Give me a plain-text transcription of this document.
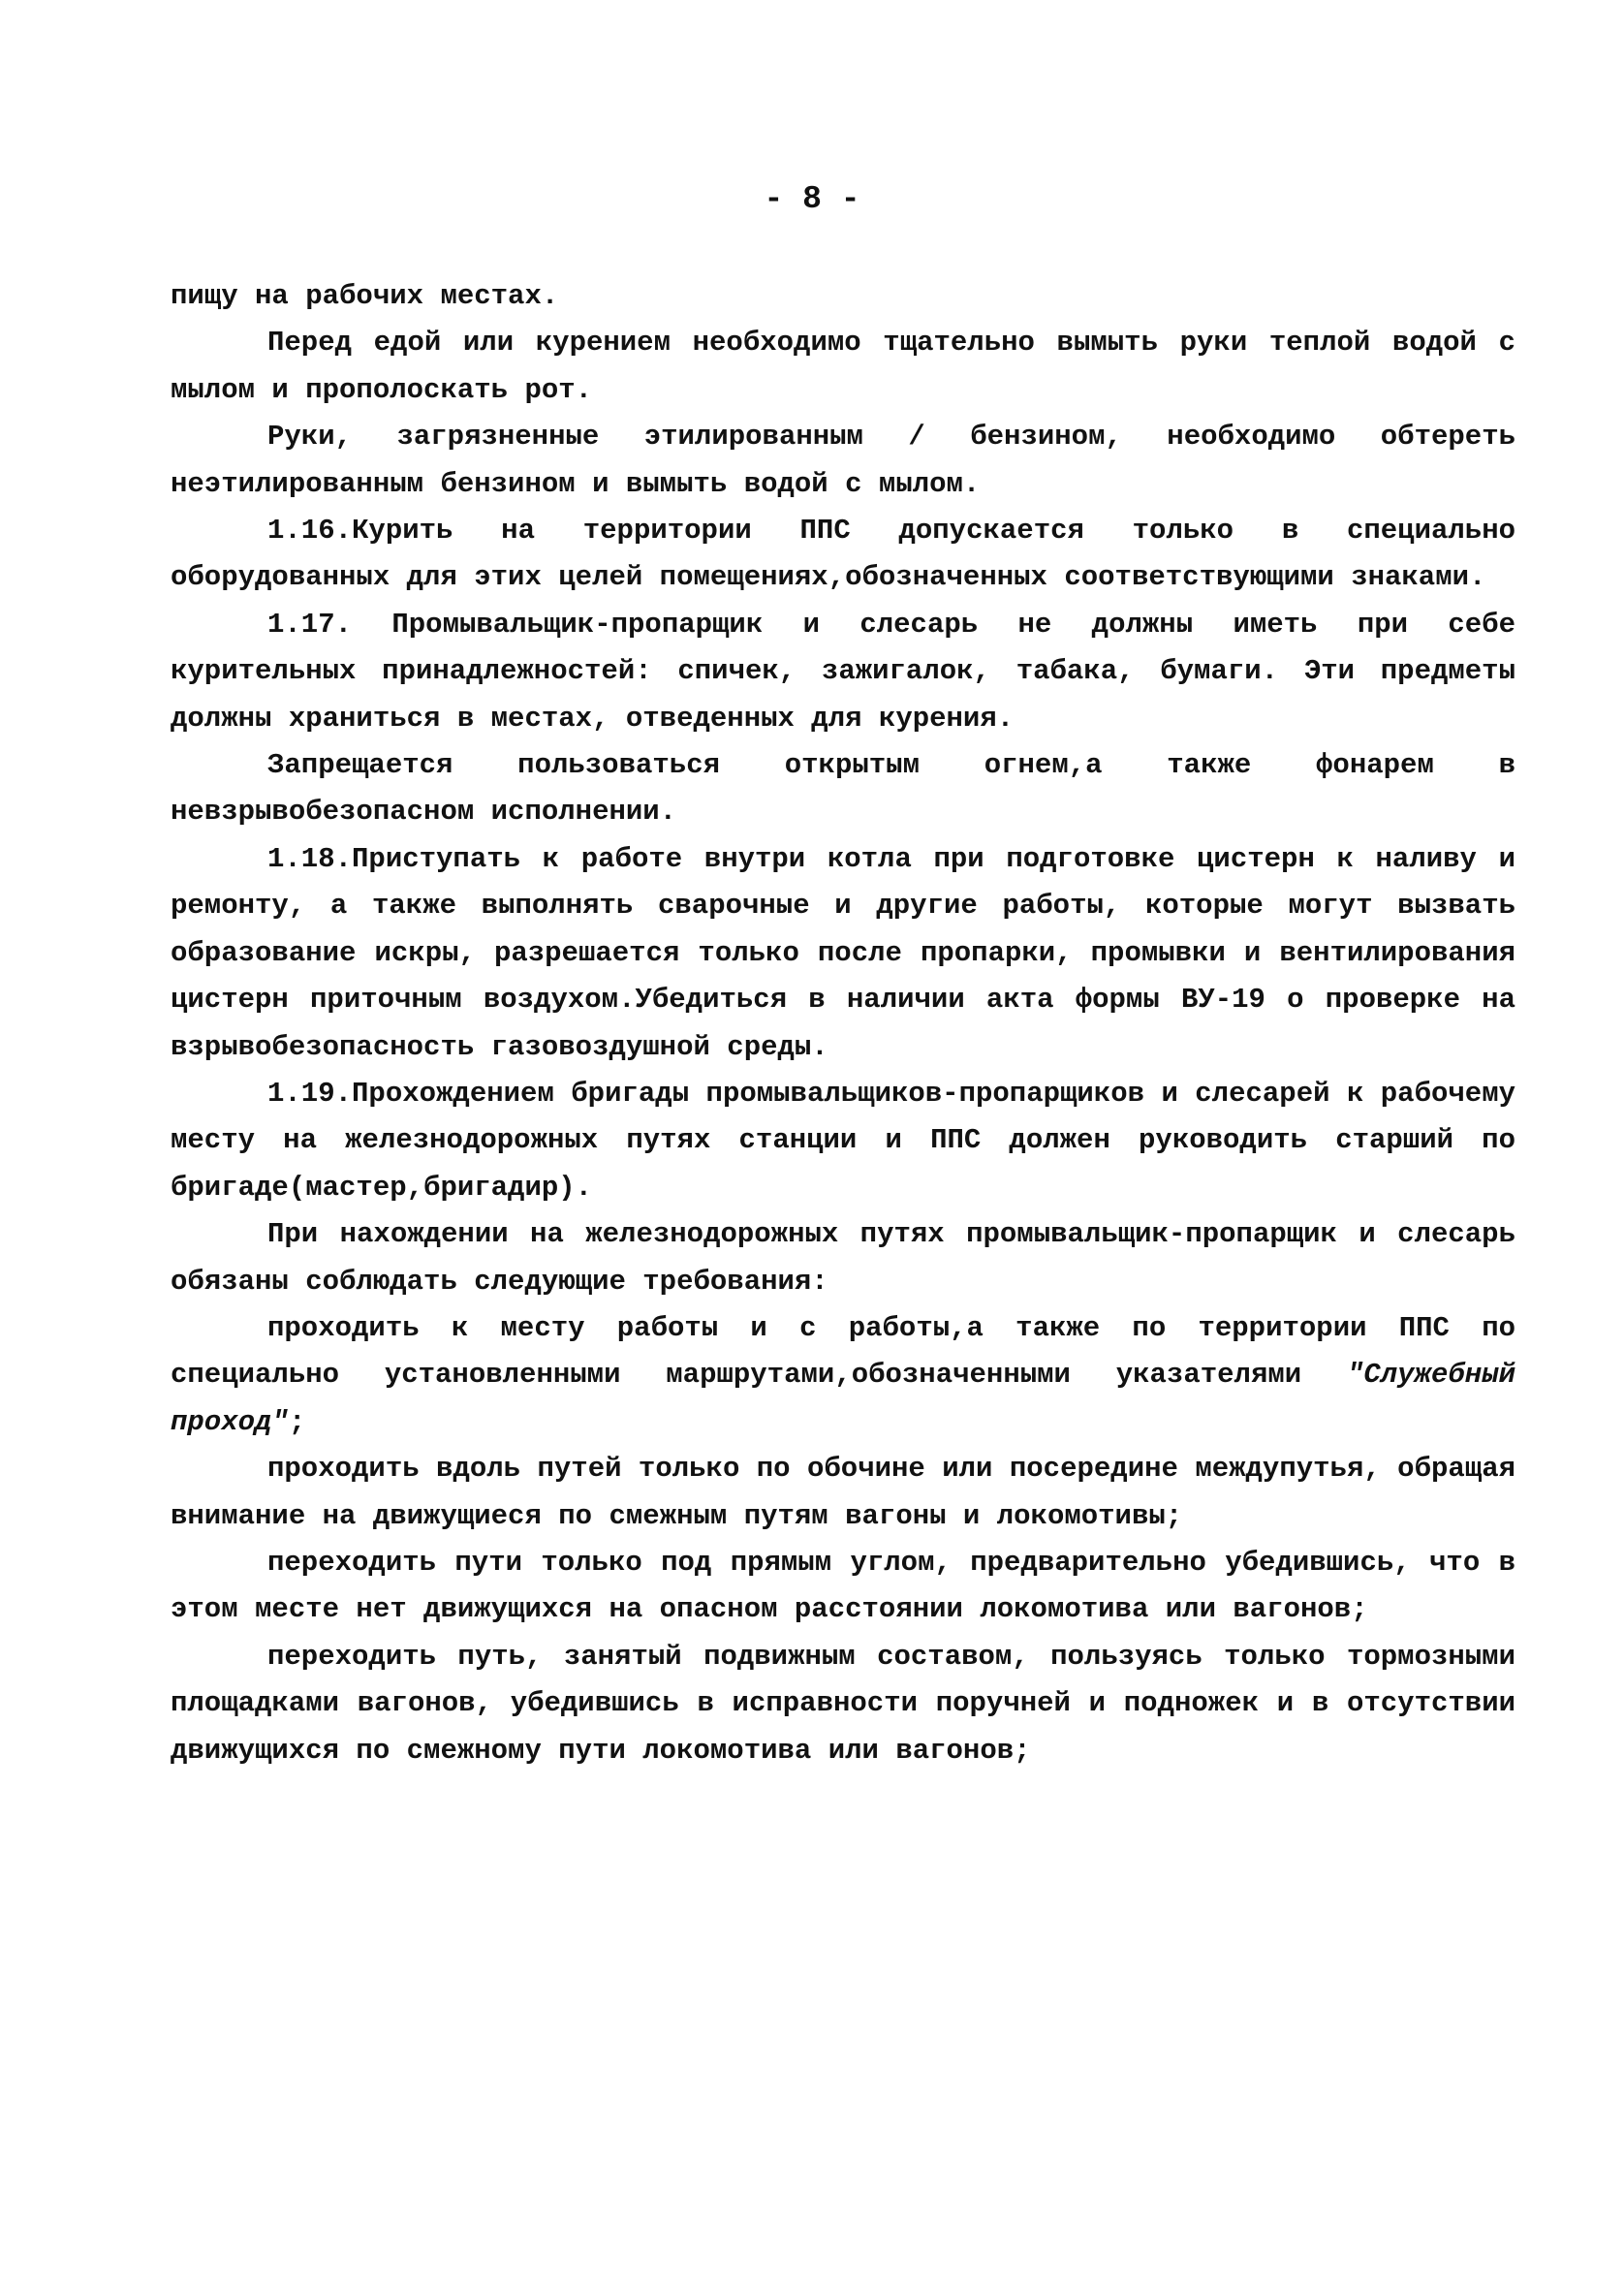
- 8 -

пищу на рабочих местах.

Перед едой или курением необходимо тщательно вымыть руки теплой водой с мылом и прополоскать рот.

Руки, загрязненные этилированным / бензином, необходимо обтереть неэтилированным бензином и вымыть водой с мылом.

1.16.Курить на территории ППС допускается только в специально оборудованных для этих целей помещениях,обозначенных соответствующими знаками.

1.17. Промывальщик-пропарщик и слесарь не должны иметь при себе курительных принадлежностей: спичек, зажигалок, табака, бумаги. Эти предметы должны храниться в местах, отведенных для курения.

Запрещается пользоваться открытым огнем,а также фонарем в невзрывобезопасном исполнении.

1.18.Приступать к работе внутри котла при подготовке цистерн к наливу и ремонту, а также выполнять сварочные и другие работы, которые могут вызвать образование искры, разрешается только после пропарки, промывки и вентилирования цистерн приточным воздухом.Убедиться в наличии акта формы ВУ-19 о проверке на взрывобезопасность газовоздушной среды.

1.19.Прохождением бригады промывальщиков-пропарщиков и слесарей к рабочему месту на железнодорожных путях станции и ППС должен руководить старший по бригаде(мастер,бригадир).

При нахождении на железнодорожных путях промывальщик-пропарщик и слесарь обязаны соблюдать следующие требования:

проходить к месту работы и с работы,а также по территории ППС по специально установленными маршрутами,обозначенными указателями "Служебный проход";

проходить вдоль путей только по обочине или посередине междупутья, обращая внимание на движущиеся по смежным путям вагоны и локомотивы;

переходить пути только под прямым углом, предварительно убедившись, что в этом месте нет движущихся на опасном расстоянии локомотива или вагонов;

переходить путь, занятый подвижным составом, пользуясь только тормозными площадками вагонов, убедившись в исправности поручней и подножек и в отсутствии движущихся по смежному пути локомотива или вагонов;
